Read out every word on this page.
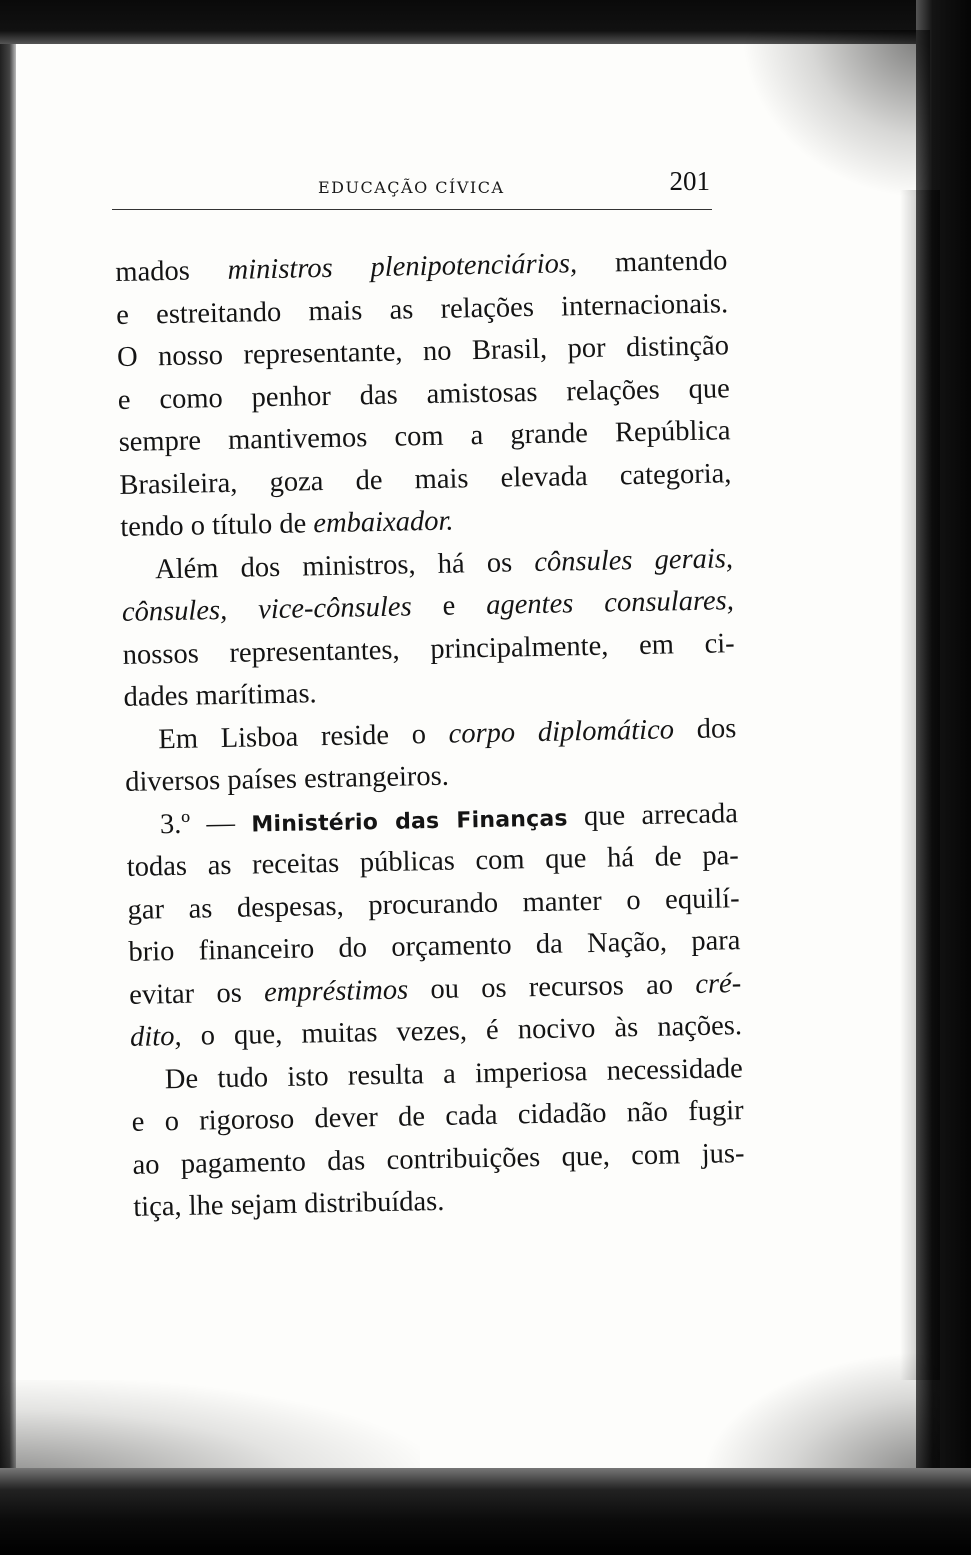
EDUCAÇÃO CÍVICA	201
mados ministros plenipotenciários, mantendo
e estreitando mais as relações internacionais.
O nosso representante, no Brasil, por distinção
e como penhor das amistosas relações que
sempre mantivemos com a grande República
Brasileira, goza de mais elevada categoria,
tendo o título de embaixador.
Além dos ministros, há os cônsules gerais,
cônsules, vice-cônsules e agentes consulares,
nossos representantes, principalmente, em ci-
dades marítimas.
Em Lisboa reside o corpo diplomático dos
diversos países estrangeiros.
3.º — Ministério das Finanças que arrecada
todas as receitas públicas com que há de pa-
gar as despesas, procurando manter o equilí-
brio financeiro do orçamento da Nação, para
evitar os empréstimos ou os recursos ao cré-
dito, o que, muitas vezes, é nocivo às nações.
De tudo isto resulta a imperiosa necessidade
e o rigoroso dever de cada cidadão não fugir
ao pagamento das contribuições que, com jus-
tiça, lhe sejam distribuídas.
